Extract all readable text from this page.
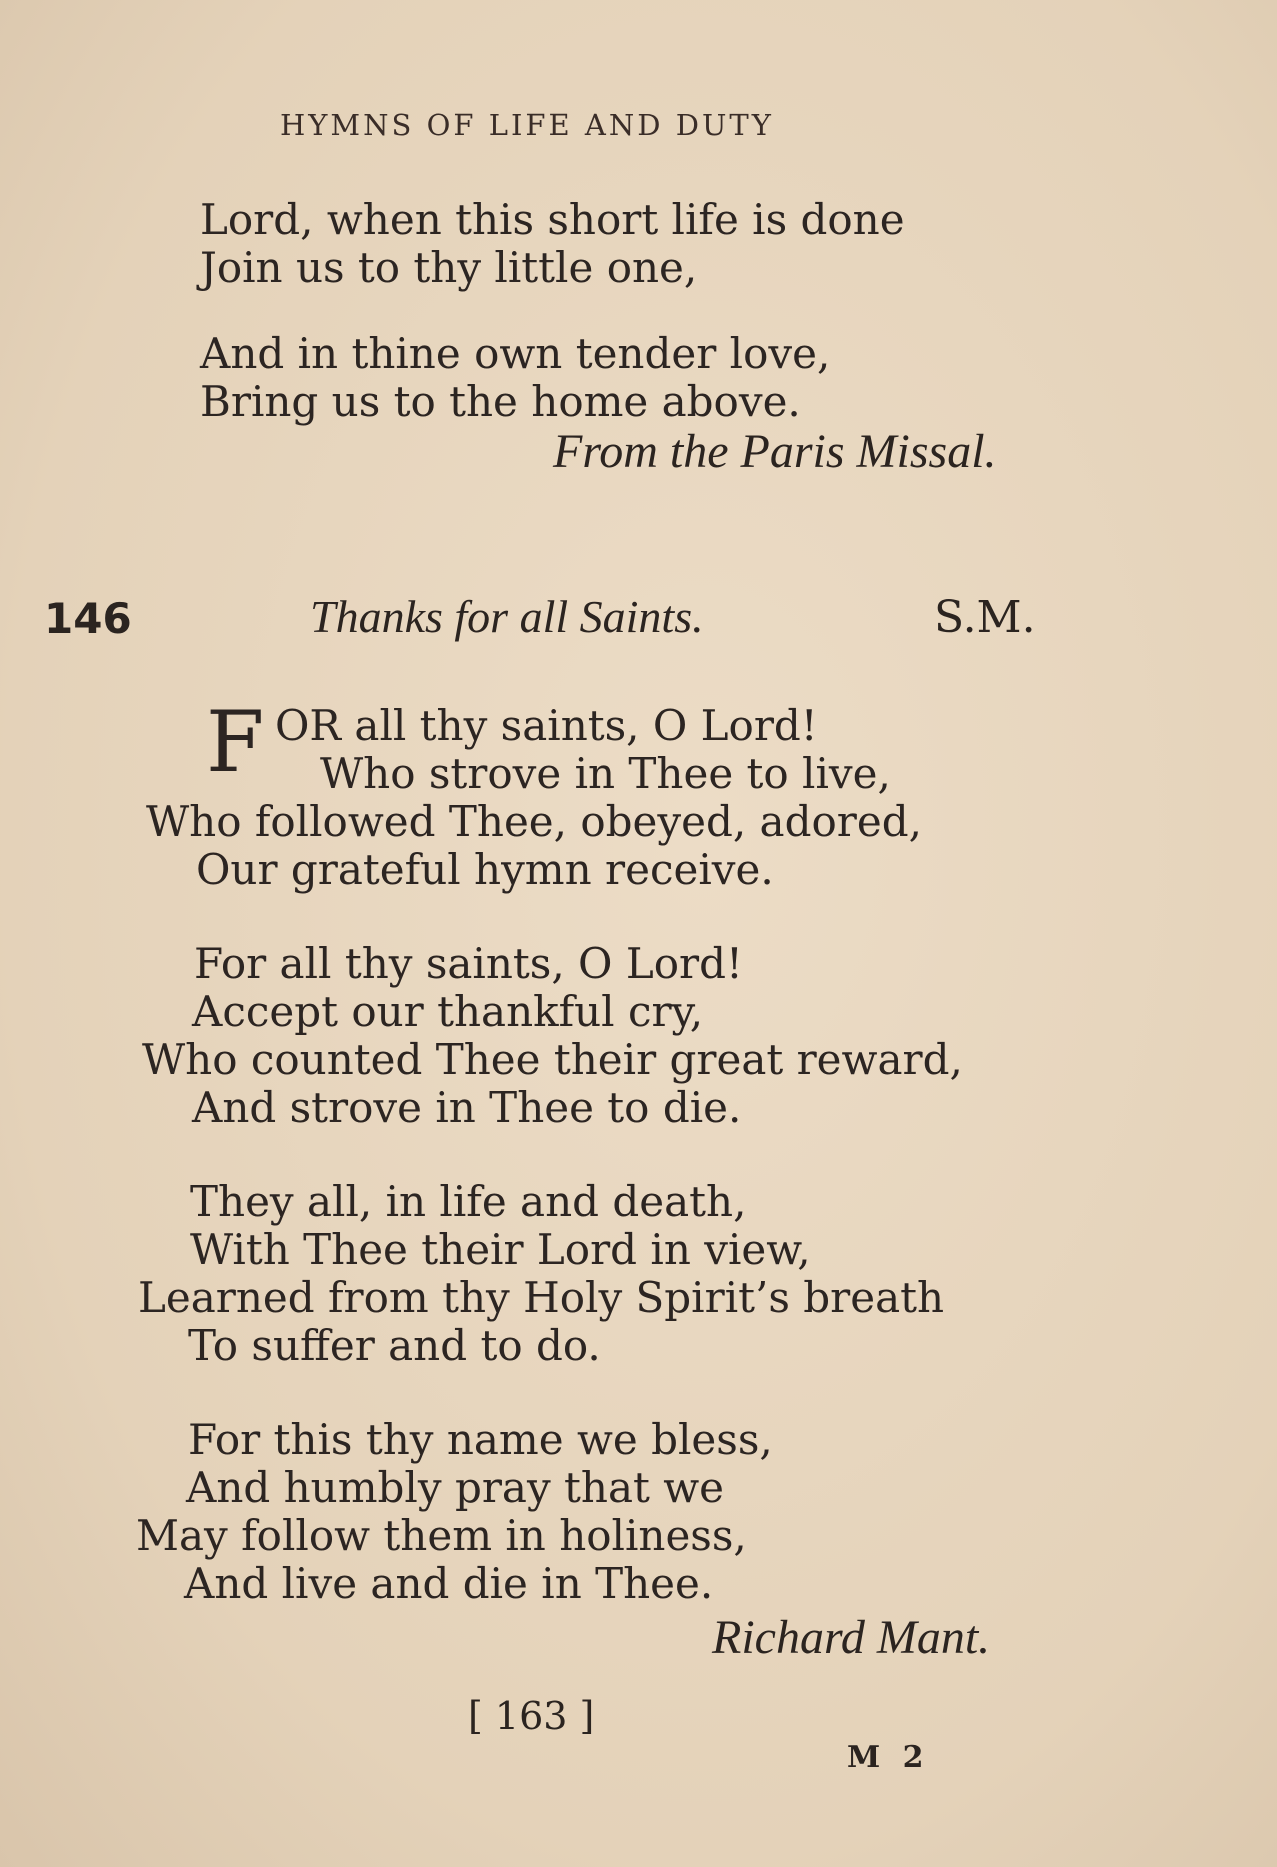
HYMNS OF LIFE AND DUTY
Lord, when this short life is done
Join us to thy little one,
And in thine own tender love,
Bring us to the home above.
From the Paris Missal.
146	Thanks for all Saints.	S.M.
F OR all thy saints, O Lord!
Who strove in Thee to live,
Who followed Thee, obeyed, adored,
Our grateful hymn receive.
For all thy saints, O Lord!
Accept our thankful cry,
Who counted Thee their great reward,
And strove in Thee to die.
They all, in life and death,
With Thee their Lord in view,
Learned from thy Holy Spirit’s breath
To suffer and to do.
For this thy name we bless,
And humbly pray that we
May follow them in holiness,
And live and die in Thee.
Richard Mant.
[ 163 ]
M 2
